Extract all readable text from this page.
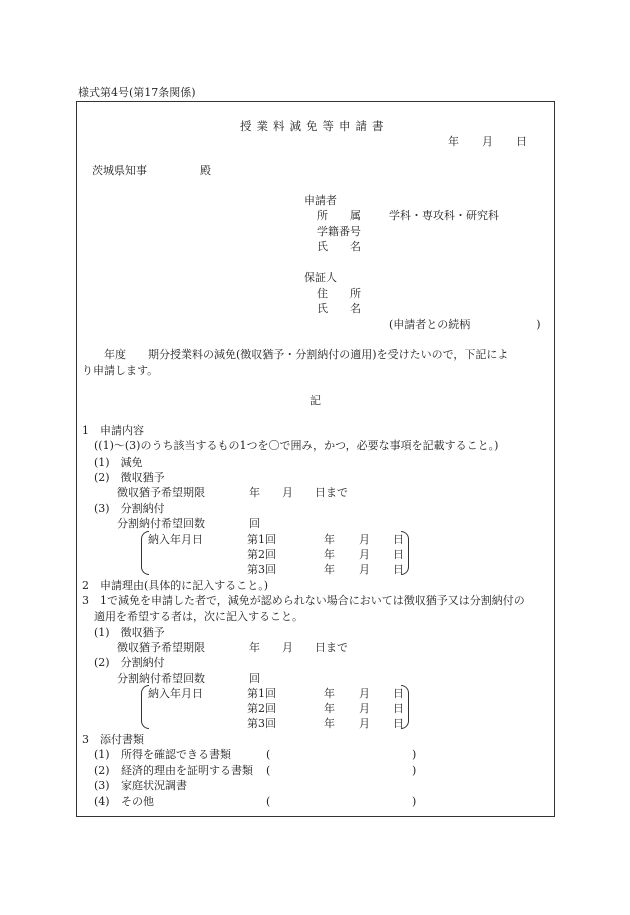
様式第4号(第17条関係)
授業料減免等申請書
年 月 日
茨城県知事	殿
申請者
所　　属	学科・専攻科・研究科
学籍番号
氏　　名
保証人
住　　所
氏　　名
(申請者との続柄　　　　　　)
　　年度　　期分授業料の減免(徴収猶予・分割納付の適用)を受けたいので，下記によ
り申請します。
記
1　申請内容
((1)～(3)のうち該当するもの1つを〇で囲み，かつ，必要な事項を記載すること。)
(1)　減免
(2)　徴収猶予
徴収猶予希望期限　　　　年　　月　　日まで
(3)　分割納付
分割納付希望回数　　　　回
納入年月日	第1回	年 月 日
第2回	年 月 日
第3回	年 月 日
2　申請理由(具体的に記入すること。)
3　1で減免を申請した者で，減免が認められない場合においては徴収猶予又は分割納付の
適用を希望する者は，次に記入すること。
(1)　徴収猶予
徴収猶予希望期限　　　　年　　月　　日まで
(2)　分割納付
分割納付希望回数　　　　回
納入年月日	第1回	年 月 日
第2回	年 月 日
第3回	年 月 日
3　添付書類
(1) 所得を確認できる書類	(	)
(2) 経済的理由を証明する書類 (	)
(3) 家庭状況調書
(4) その他	(	)
